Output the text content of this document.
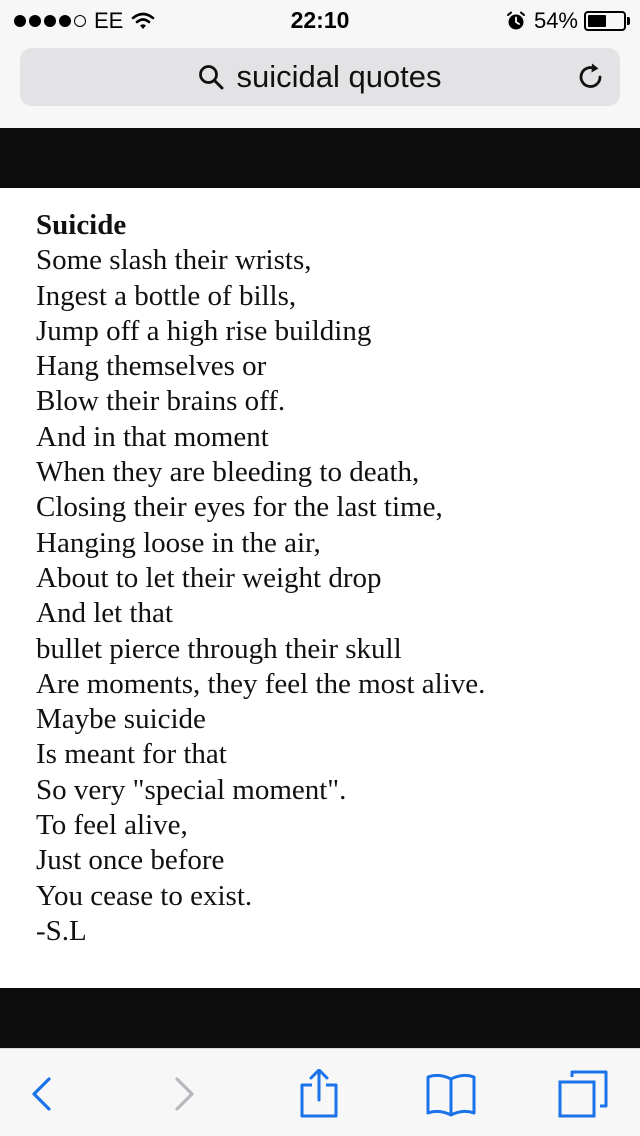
EE	22:10	54%
suicidal quotes
Suicide
Some slash their wrists,
Ingest a bottle of bills,
Jump off a high rise building
Hang themselves or
Blow their brains off.
And in that moment
When they are bleeding to death,
Closing their eyes for the last time,
Hanging loose in the air,
About to let their weight drop
And let that
bullet pierce through their skull
Are moments, they feel the most alive.
Maybe suicide
Is meant for that
So very "special moment".
To feel alive,
Just once before
You cease to exist.
-S.L
